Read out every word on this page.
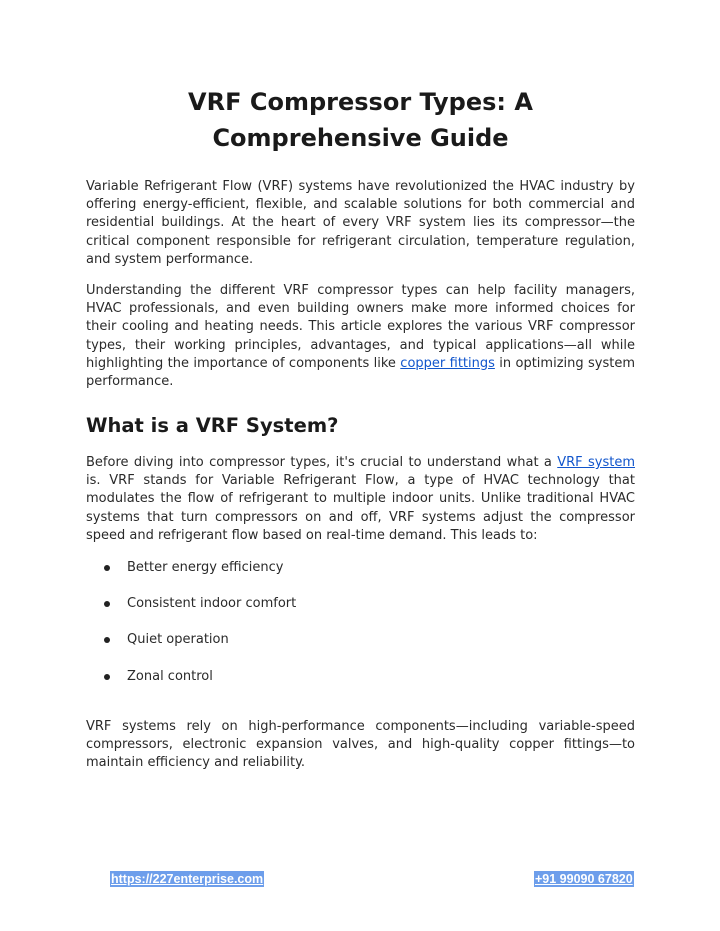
VRF Compressor Types: A Comprehensive Guide

Variable Refrigerant Flow (VRF) systems have revolutionized the HVAC industry by offering energy-efficient, flexible, and scalable solutions for both commercial and residential buildings. At the heart of every VRF system lies its compressor—the critical component responsible for refrigerant circulation, temperature regulation, and system performance.

Understanding the different VRF compressor types can help facility managers, HVAC professionals, and even building owners make more informed choices for their cooling and heating needs. This article explores the various VRF compressor types, their working principles, advantages, and typical applications—all while highlighting the importance of components like copper fittings in optimizing system performance.

What is a VRF System?

Before diving into compressor types, it's crucial to understand what a VRF system is. VRF stands for Variable Refrigerant Flow, a type of HVAC technology that modulates the flow of refrigerant to multiple indoor units. Unlike traditional HVAC systems that turn compressors on and off, VRF systems adjust the compressor speed and refrigerant flow based on real-time demand. This leads to:

Better energy efficiency
Consistent indoor comfort
Quiet operation
Zonal control

VRF systems rely on high-performance components—including variable-speed compressors, electronic expansion valves, and high-quality copper fittings—to maintain efficiency and reliability.

https://227enterprise.com	+91 99090 67820
